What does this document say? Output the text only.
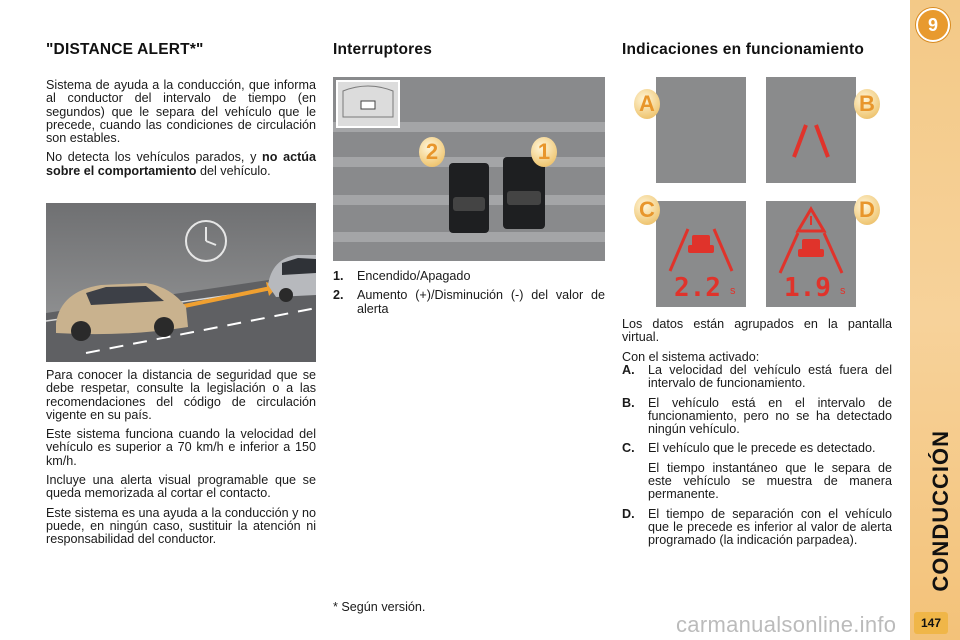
"DISTANCE ALERT*"

Sistema de ayuda a la conducción, que informa al conductor del intervalo de tiempo (en segundos) que le separa del vehículo que le precede, cuando las condiciones de circulación son estables.

No detecta los vehículos parados, y no actúa sobre el comportamiento del vehículo.

Para conocer la distancia de seguridad que se debe respetar, consulte la legislación o a las recomendaciones del código de circulación vigente en su país.

Este sistema funciona cuando la velocidad del vehículo es superior a 70 km/h e inferior a 150 km/h.

Incluye una alerta visual programable que se queda memorizada al cortar el contacto.

Este sistema es una ayuda a la conducción y no puede, en ningún caso, sustituir la atención ni responsabilidad del conductor.

Interruptores
2	1
1.	Encendido/Apagado
2.	Aumento (+)/Disminución (-) del valor de alerta
* Según versión.
Indicaciones en funcionamiento
A	B
2.2 s
C
1.9 s
D

Los datos están agrupados en la pantalla virtual.

Con el sistema activado:

A.	La velocidad del vehículo está fuera del intervalo de funcionamiento.
B.	El vehículo está en el intervalo de funcionamiento, pero no se ha detectado ningún vehículo.
C.	El vehículo que le precede es detectado.
El tiempo instantáneo que le separa de este vehículo se muestra de manera permanente.
D.	El tiempo de separación con el vehículo que le precede es inferior al valor de alerta programado (la indicación parpadea).
9
CONDUCCIÓN
147
carmanualsonline.info
